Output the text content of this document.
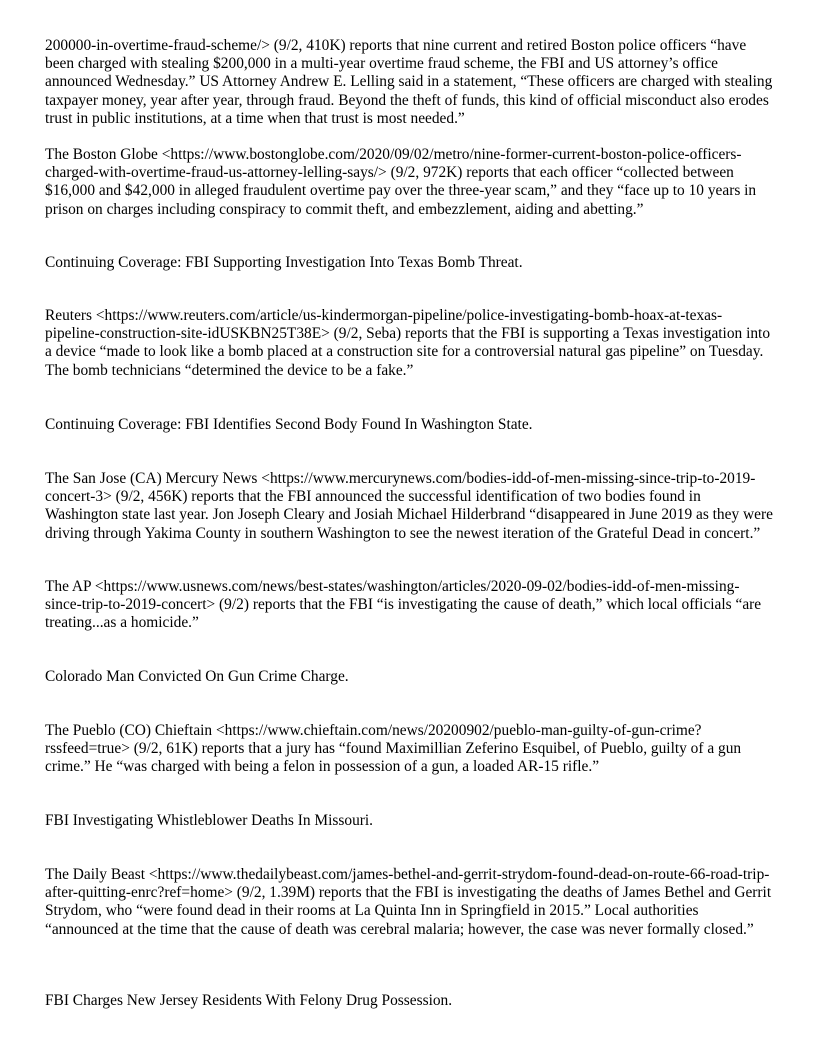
200000-in-overtime-fraud-scheme/> (9/2, 410K) reports that nine current and retired Boston police officers “have been charged with stealing $200,000 in a multi-year overtime fraud scheme, the FBI and US attorney’s office announced Wednesday.” US Attorney Andrew E. Lelling said in a statement, “These officers are charged with stealing taxpayer money, year after year, through fraud. Beyond the theft of funds, this kind of official misconduct also erodes trust in public institutions, at a time when that trust is most needed.”

The Boston Globe <https://www.bostonglobe.com/2020/09/02/metro/nine-former-current-boston-police-officers-charged-with-overtime-fraud-us-attorney-lelling-says/> (9/2, 972K) reports that each officer “collected between $16,000 and $42,000 in alleged fraudulent overtime pay over the three-year scam,” and they “face up to 10 years in prison on charges including conspiracy to commit theft, and embezzlement, aiding and abetting.”

Continuing Coverage: FBI Supporting Investigation Into Texas Bomb Threat.

Reuters <https://www.reuters.com/article/us-kindermorgan-pipeline/police-investigating-bomb-hoax-at-texas-pipeline-construction-site-idUSKBN25T38E> (9/2, Seba) reports that the FBI is supporting a Texas investigation into a device “made to look like a bomb placed at a construction site for a controversial natural gas pipeline” on Tuesday. The bomb technicians “determined the device to be a fake.”

Continuing Coverage: FBI Identifies Second Body Found In Washington State.

The San Jose (CA) Mercury News <https://www.mercurynews.com/bodies-idd-of-men-missing-since-trip-to-2019-concert-3> (9/2, 456K) reports that the FBI announced the successful identification of two bodies found in Washington state last year. Jon Joseph Cleary and Josiah Michael Hilderbrand “disappeared in June 2019 as they were driving through Yakima County in southern Washington to see the newest iteration of the Grateful Dead in concert.”

The AP <https://www.usnews.com/news/best-states/washington/articles/2020-09-02/bodies-idd-of-men-missing-since-trip-to-2019-concert> (9/2) reports that the FBI “is investigating the cause of death,” which local officials “are treating...as a homicide.”

Colorado Man Convicted On Gun Crime Charge.

The Pueblo (CO) Chieftain <https://www.chieftain.com/news/20200902/pueblo-man-guilty-of-gun-crime?rssfeed=true> (9/2, 61K) reports that a jury has “found Maximillian Zeferino Esquibel, of Pueblo, guilty of a gun crime.” He “was charged with being a felon in possession of a gun, a loaded AR-15 rifle.”

FBI Investigating Whistleblower Deaths In Missouri.

The Daily Beast <https://www.thedailybeast.com/james-bethel-and-gerrit-strydom-found-dead-on-route-66-road-trip-after-quitting-enrc?ref=home> (9/2, 1.39M) reports that the FBI is investigating the deaths of James Bethel and Gerrit Strydom, who “were found dead in their rooms at La Quinta Inn in Springfield in 2015.” Local authorities “announced at the time that the cause of death was cerebral malaria; however, the case was never formally closed.”

FBI Charges New Jersey Residents With Felony Drug Possession.
